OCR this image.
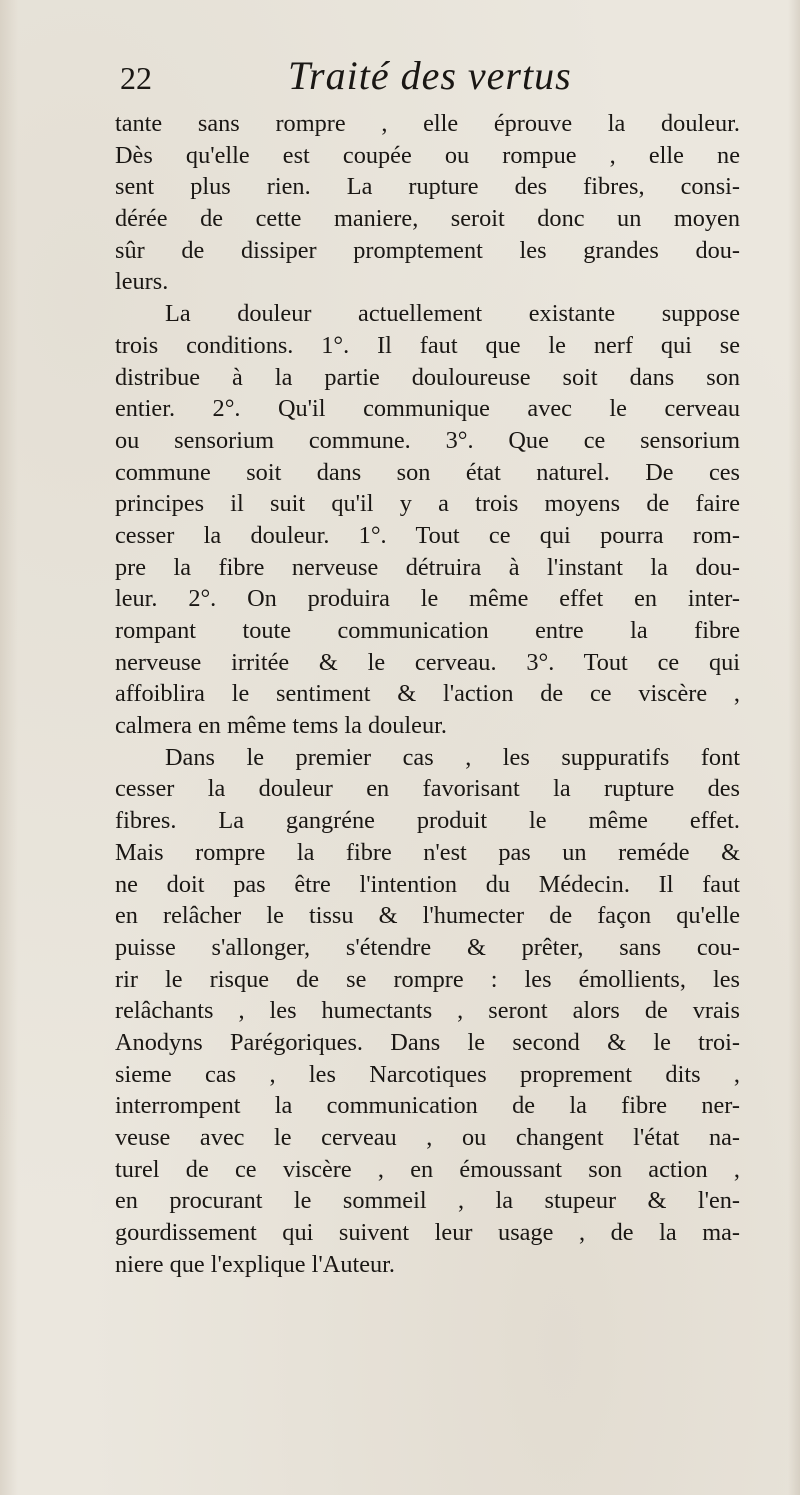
22	Traité des vertus
tante sans rompre , elle éprouve la douleur.
Dès qu'elle est coupée ou rompue , elle ne
sent plus rien. La rupture des fibres, consi-
dérée de cette maniere, seroit donc un moyen
sûr de dissiper promptement les grandes dou-
leurs.
La douleur actuellement existante suppose
trois conditions. 1°. Il faut que le nerf qui se
distribue à la partie douloureuse soit dans son
entier. 2°. Qu'il communique avec le cerveau
ou sensorium commune. 3°. Que ce sensorium
commune soit dans son état naturel. De ces
principes il suit qu'il y a trois moyens de faire
cesser la douleur. 1°. Tout ce qui pourra rom-
pre la fibre nerveuse détruira à l'instant la dou-
leur. 2°. On produira le même effet en inter-
rompant toute communication entre la fibre
nerveuse irritée & le cerveau. 3°. Tout ce qui
affoiblira le sentiment & l'action de ce viscère ,
calmera en même tems la douleur.
Dans le premier cas , les suppuratifs font
cesser la douleur en favorisant la rupture des
fibres. La gangréne produit le même effet.
Mais rompre la fibre n'est pas un reméde &
ne doit pas être l'intention du Médecin. Il faut
en relâcher le tissu & l'humecter de façon qu'elle
puisse s'allonger, s'étendre & prêter, sans cou-
rir le risque de se rompre : les émollients, les
relâchants , les humectants , seront alors de vrais
Anodyns Parégoriques. Dans le second & le troi-
sieme cas , les Narcotiques proprement dits ,
interrompent la communication de la fibre ner-
veuse avec le cerveau , ou changent l'état na-
turel de ce viscère , en émoussant son action ,
en procurant le sommeil , la stupeur & l'en-
gourdissement qui suivent leur usage , de la ma-
niere que l'explique l'Auteur.
